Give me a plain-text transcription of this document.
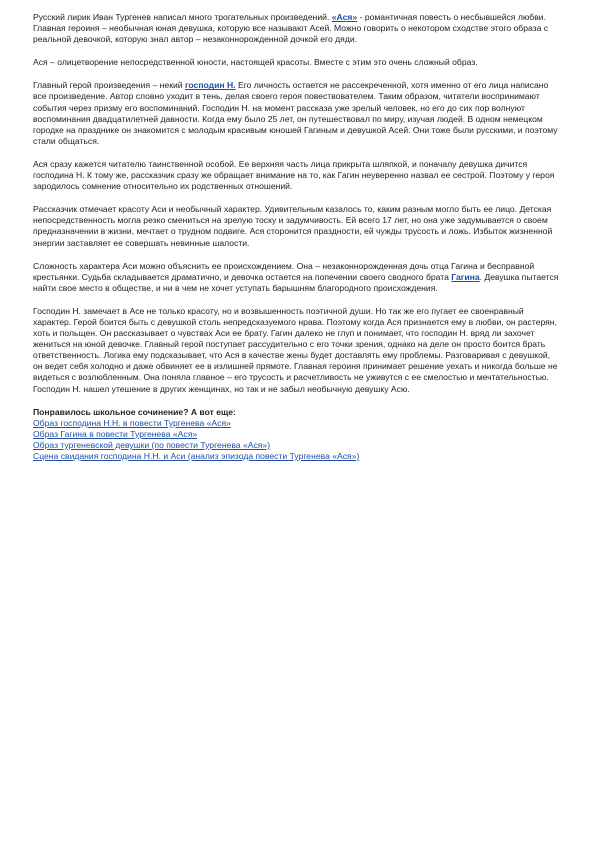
Русский лирик Иван Тургенев написал много трогательных произведений. «Ася» - романтичная повесть о несбывшейся любви. Главная героиня – необычная юная девушка, которую все называют Асей. Можно говорить о некотором сходстве этого образа с реальной девочкой, которую знал автор – незаконнорожденной дочкой его дяди.

Ася – олицетворение непосредственной юности, настоящей красоты. Вместе с этим это очень сложный образ.

Главный герой произведения – некий господин Н. Его личность остается не рассекреченной, хотя именно от его лица написано все произведение. Автор словно уходит в тень, делая своего героя повествователем. Таким образом, читатели воспринимают события через призму его воспоминаний. Господин Н. на момент рассказа уже зрелый человек, но его до сих пор волнуют воспоминания двадцатилетней давности. Когда ему было 25 лет, он путешествовал по миру, изучая людей. В одном немецком городке на празднике он знакомится с молодым красивым юношей Гагиным и девушкой Асей. Они тоже были русскими, и поэтому стали общаться.

Ася сразу кажется читателю таинственной особой. Ее верхняя часть лица прикрыта шляпкой, и поначалу девушка дичится господина Н. К тому же, рассказчик сразу же обращает внимание на то, как Гагин неуверенно назвал ее сестрой. Поэтому у героя зародилось сомнение относительно их родственных отношений.

Рассказчик отмечает красоту Аси и необычный характер. Удивительным казалось то, каким разным могло быть ее лицо. Детская непосредственность могла резко смениться на зрелую тоску и задумчивость. Ей всего 17 лет, но она уже задумывается о своем предназначении в жизни, мечтает о трудном подвиге. Ася сторонится праздности, ей чужды трусость и ложь. Избыток жизненной энергии заставляет ее совершать невинные шалости.

Сложность характера Аси можно объяснить ее происхождением. Она – незаконнорожденная дочь отца Гагина и бесправной крестьянки. Судьба складывается драматично, и девочка остается на попечении своего сводного брата Гагина. Девушка пытается найти свое место в обществе, и ни в чем не хочет уступать барышням благородного происхождения.

Господин Н. замечает в Асе не только красоту, но и возвышенность поэтичной души. Но так же его пугает ее своенравный характер. Герой боится быть с девушкой столь непредсказуемого нрава. Поэтому когда Ася признается ему в любви, он растерян, хоть и польщен. Он рассказывает о чувствах Аси ее брату. Гагин далеко не глуп и понимает, что господин Н. вряд ли захочет жениться на юной девочке. Главный герой поступает рассудительно с его точки зрения, однако на деле он просто боится брать ответственность. Логика ему подсказывает, что Ася в качестве жены будет доставлять ему проблемы. Разговаривая с девушкой, он ведет себя холодно и даже обвиняет ее в излишней прямоте. Главная героиня принимает решение уехать и никогда больше не видеться с возлюбленным. Она поняла главное – его трусость и расчетливость не уживутся с ее смелостью и мечтательностью. Господин Н. нашел утешение в других женщинах, но так и не забыл необычную девушку Асю.

Понравилось школьное сочинение? А вот еще:

Образ господина Н.Н. в повести Тургенева «Ася»
Образ Гагина в повести Тургенева «Ася»
Образ тургеневской девушки (по повести Тургенева «Ася»)
Сцена свидания господина Н.Н. и Аси (анализ эпизода повести Тургенева «Ася»)
